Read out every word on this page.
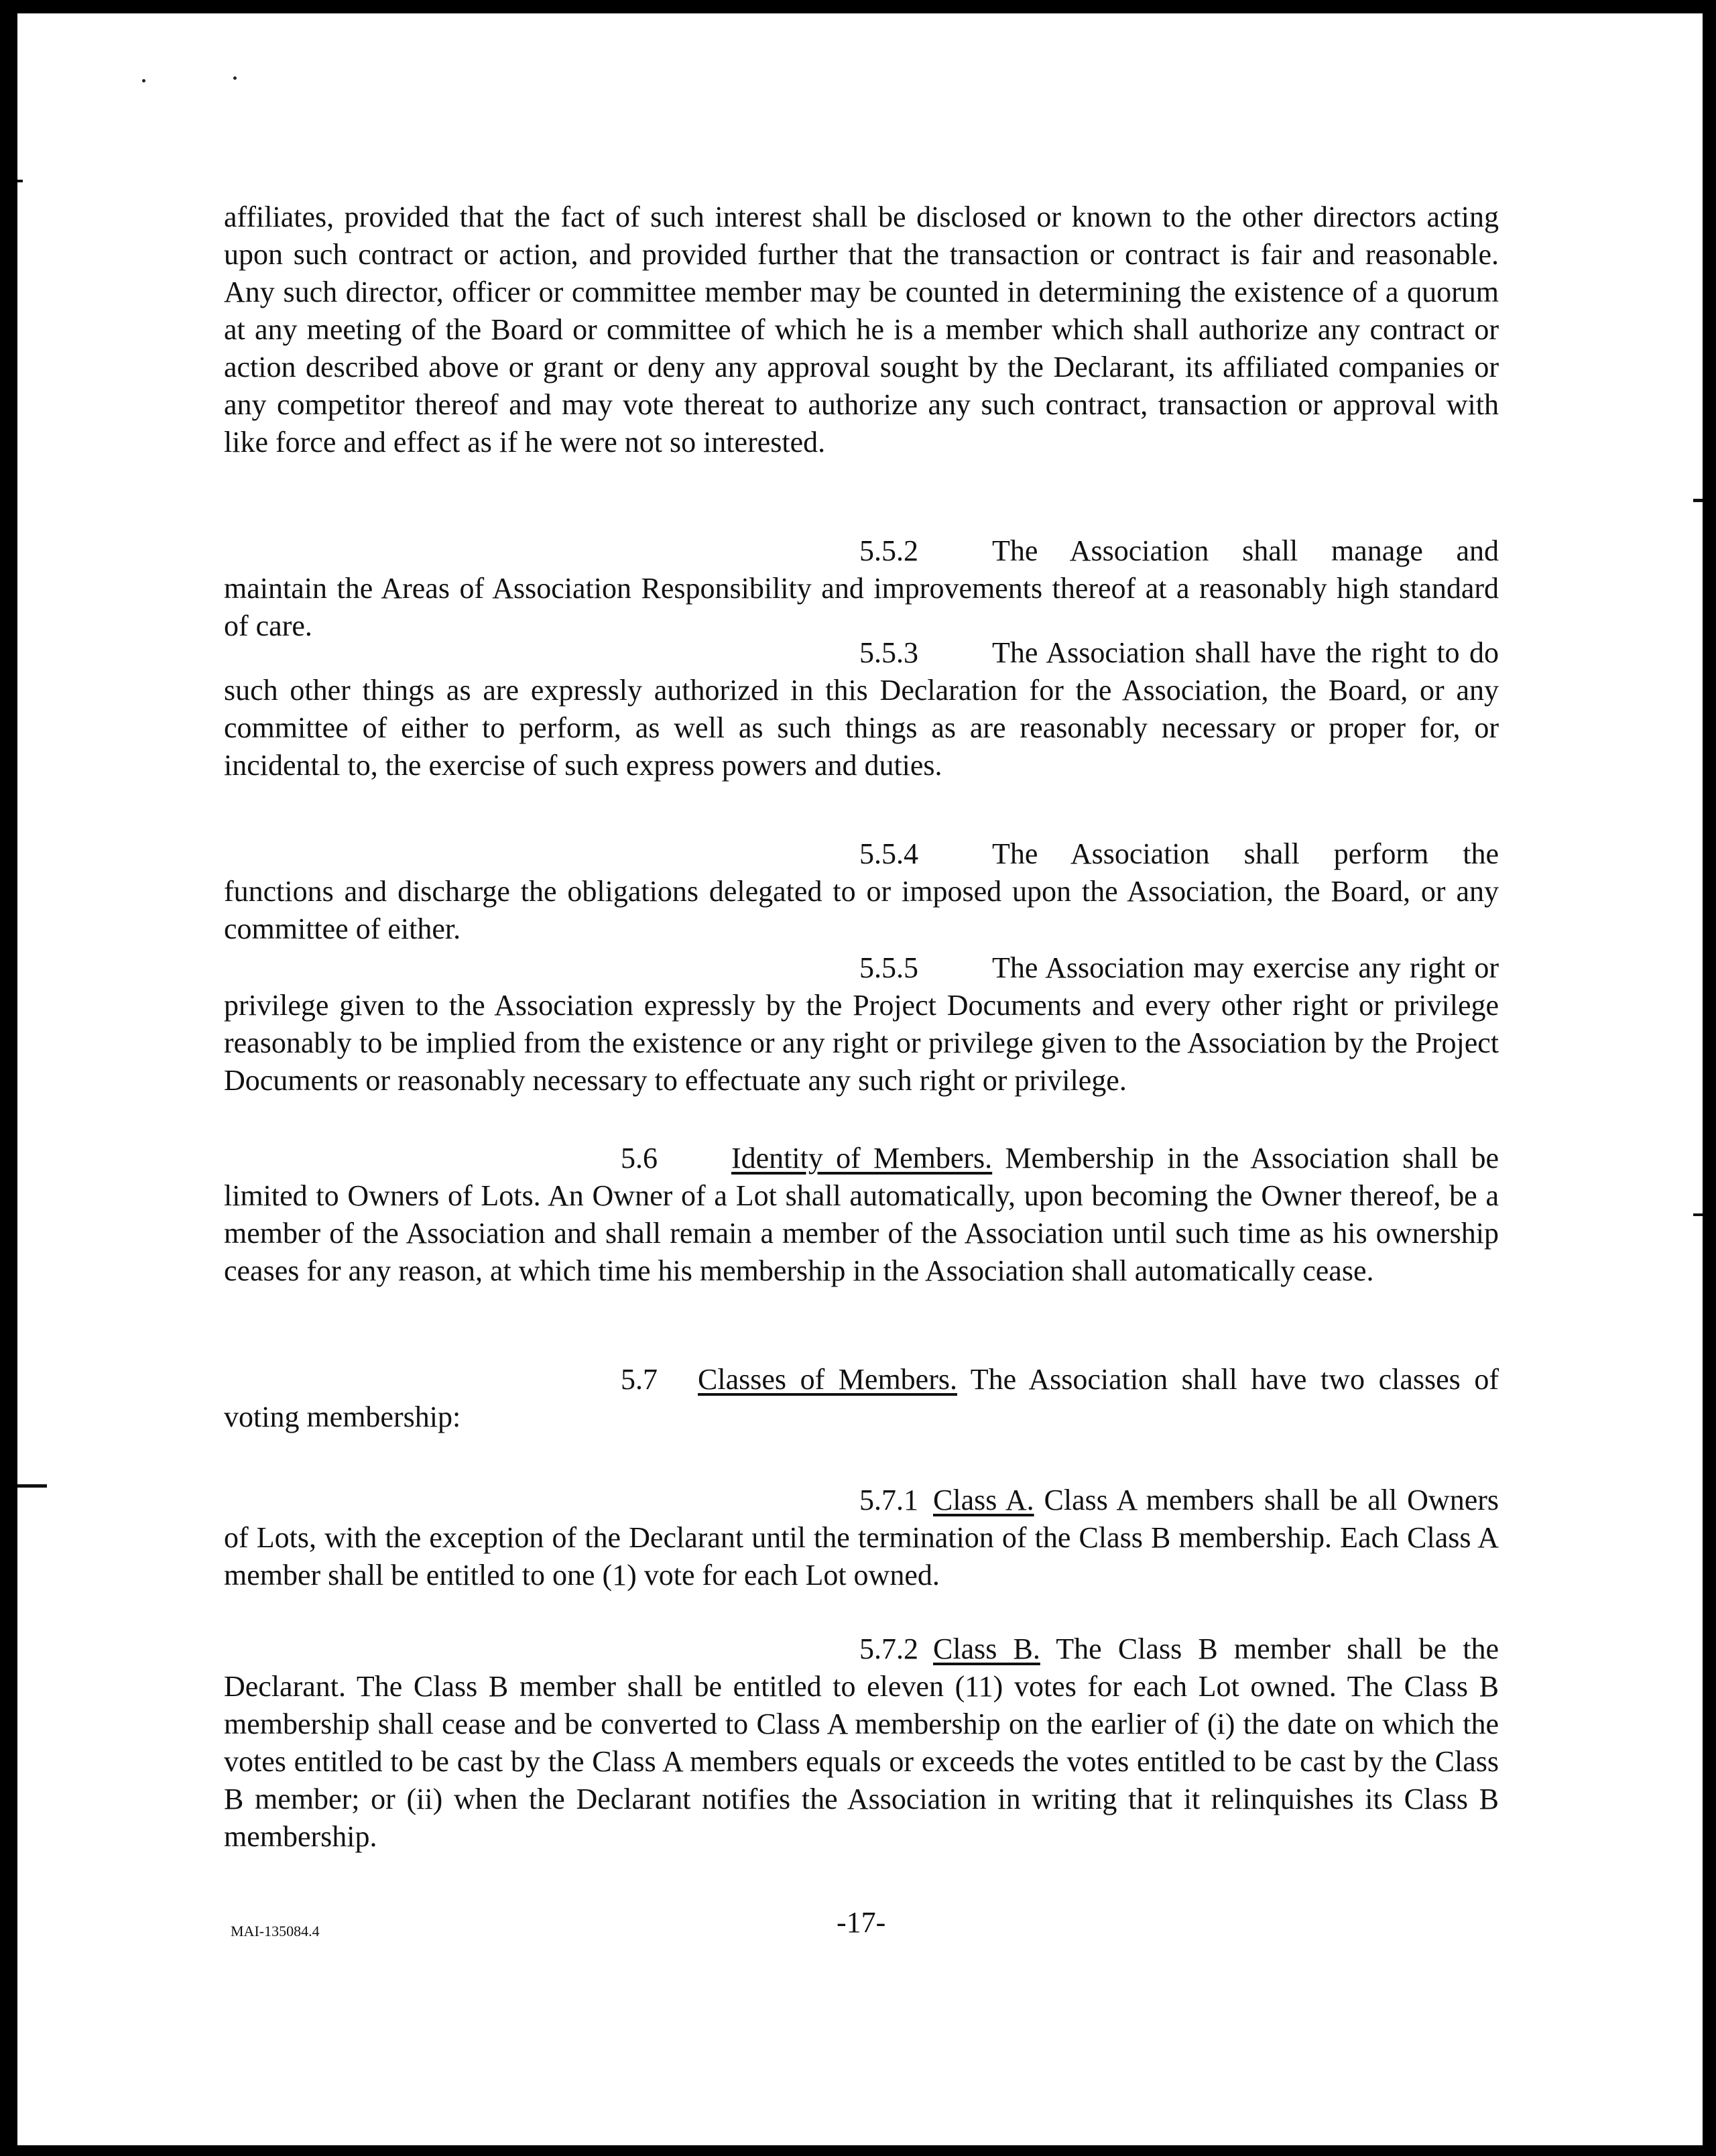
affiliates, provided that the fact of such interest shall be disclosed or known to the other directors acting upon such contract or action, and provided further that the transaction or contract is fair and reasonable. Any such director, officer or committee member may be counted in determining the existence of a quorum at any meeting of the Board or committee of which he is a member which shall authorize any contract or action described above or grant or deny any approval sought by the Declarant, its affiliated companies or any competitor thereof and may vote thereat to authorize any such contract, transaction or approval with like force and effect as if he were not so interested.

5.5.2	The Association shall manage and maintain the Areas of Association Responsibility and improvements thereof at a reasonably high standard of care.

5.5.3	The Association shall have the right to do such other things as are expressly authorized in this Declaration for the Association, the Board, or any committee of either to perform, as well as such things as are reasonably necessary or proper for, or incidental to, the exercise of such express powers and duties.

5.5.4	The Association shall perform the functions and discharge the obligations delegated to or imposed upon the Association, the Board, or any committee of either.

5.5.5	The Association may exercise any right or privilege given to the Association expressly by the Project Documents and every other right or privilege reasonably to be implied from the existence or any right or privilege given to the Association by the Project Documents or reasonably necessary to effectuate any such right or privilege.

5.6	Identity of Members. Membership in the Association shall be limited to Owners of Lots. An Owner of a Lot shall automatically, upon becoming the Owner thereof, be a member of the Association and shall remain a member of the Association until such time as his ownership ceases for any reason, at which time his membership in the Association shall automatically cease.

5.7 Classes of Members. The Association shall have two classes of voting membership:

5.7.1 Class A. Class A members shall be all Owners of Lots, with the exception of the Declarant until the termination of the Class B membership. Each Class A member shall be entitled to one (1) vote for each Lot owned.

5.7.2 Class B. The Class B member shall be the Declarant. The Class B member shall be entitled to eleven (11) votes for each Lot owned. The Class B membership shall cease and be converted to Class A membership on the earlier of (i) the date on which the votes entitled to be cast by the Class A members equals or exceeds the votes entitled to be cast by the Class B member; or (ii) when the Declarant notifies the Association in writing that it relinquishes its Class B membership.

MAI-135084.4	-17-
